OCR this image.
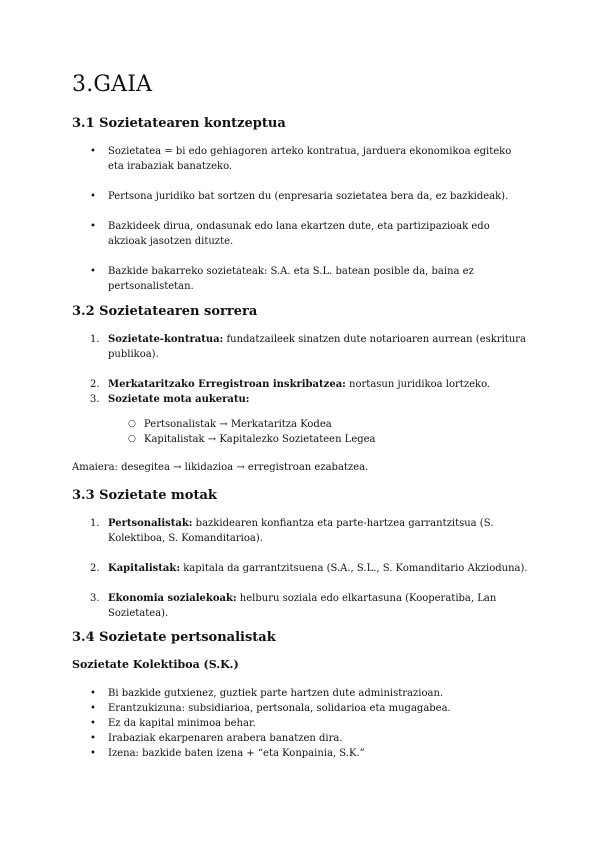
3.GAIA
3.1 Sozietatearen kontzeptua
• Sozietatea = bi edo gehiagoren arteko kontratua, jarduera ekonomikoa egiteko eta irabaziak banatzeko.
• Pertsona juridiko bat sortzen du (enpresaria sozietatea bera da, ez bazkideak).
• Bazkideek dirua, ondasunak edo lana ekartzen dute, eta partizipazioak edo akzioak jasotzen dituzte.
• Bazkide bakarreko sozietateak: S.A. eta S.L. batean posible da, baina ez pertsonalistetan.
3.2 Sozietatearen sorrera
1. Sozietate-kontratua: fundatzaileek sinatzen dute notarioaren aurrean (eskritura publikoa).
2. Merkataritzako Erregistroan inskribatzea: nortasun juridikoa lortzeko.
3. Sozietate mota aukeratu:
○ Pertsonalistak → Merkataritza Kodea
○ Kapitalistak → Kapitalezko Sozietateen Legea

Amaiera: desegitea → likidazioa → erregistroan ezabatzea.

3.3 Sozietate motak
1. Pertsonalistak: bazkidearen konfiantza eta parte-hartzea garrantzitsua (S. Kolektiboa, S. Komanditarioa).
2. Kapitalistak: kapitala da garrantzitsuena (S.A., S.L., S. Komanditario Akzioduna).
3. Ekonomia sozialekoak: helburu soziala edo elkartasuna (Kooperatiba, Lan Sozietatea).
3.4 Sozietate pertsonalistak
Sozietate Kolektiboa (S.K.)
• Bi bazkide gutxienez, guztiek parte hartzen dute administrazioan.
• Erantzukizuna: subsidiarioa, pertsonala, solidarioa eta mugagabea.
• Ez da kapital minimoa behar.
• Irabaziak ekarpenaren arabera banatzen dira.
• Izena: bazkide baten izena + “eta Konpainia, S.K.”
